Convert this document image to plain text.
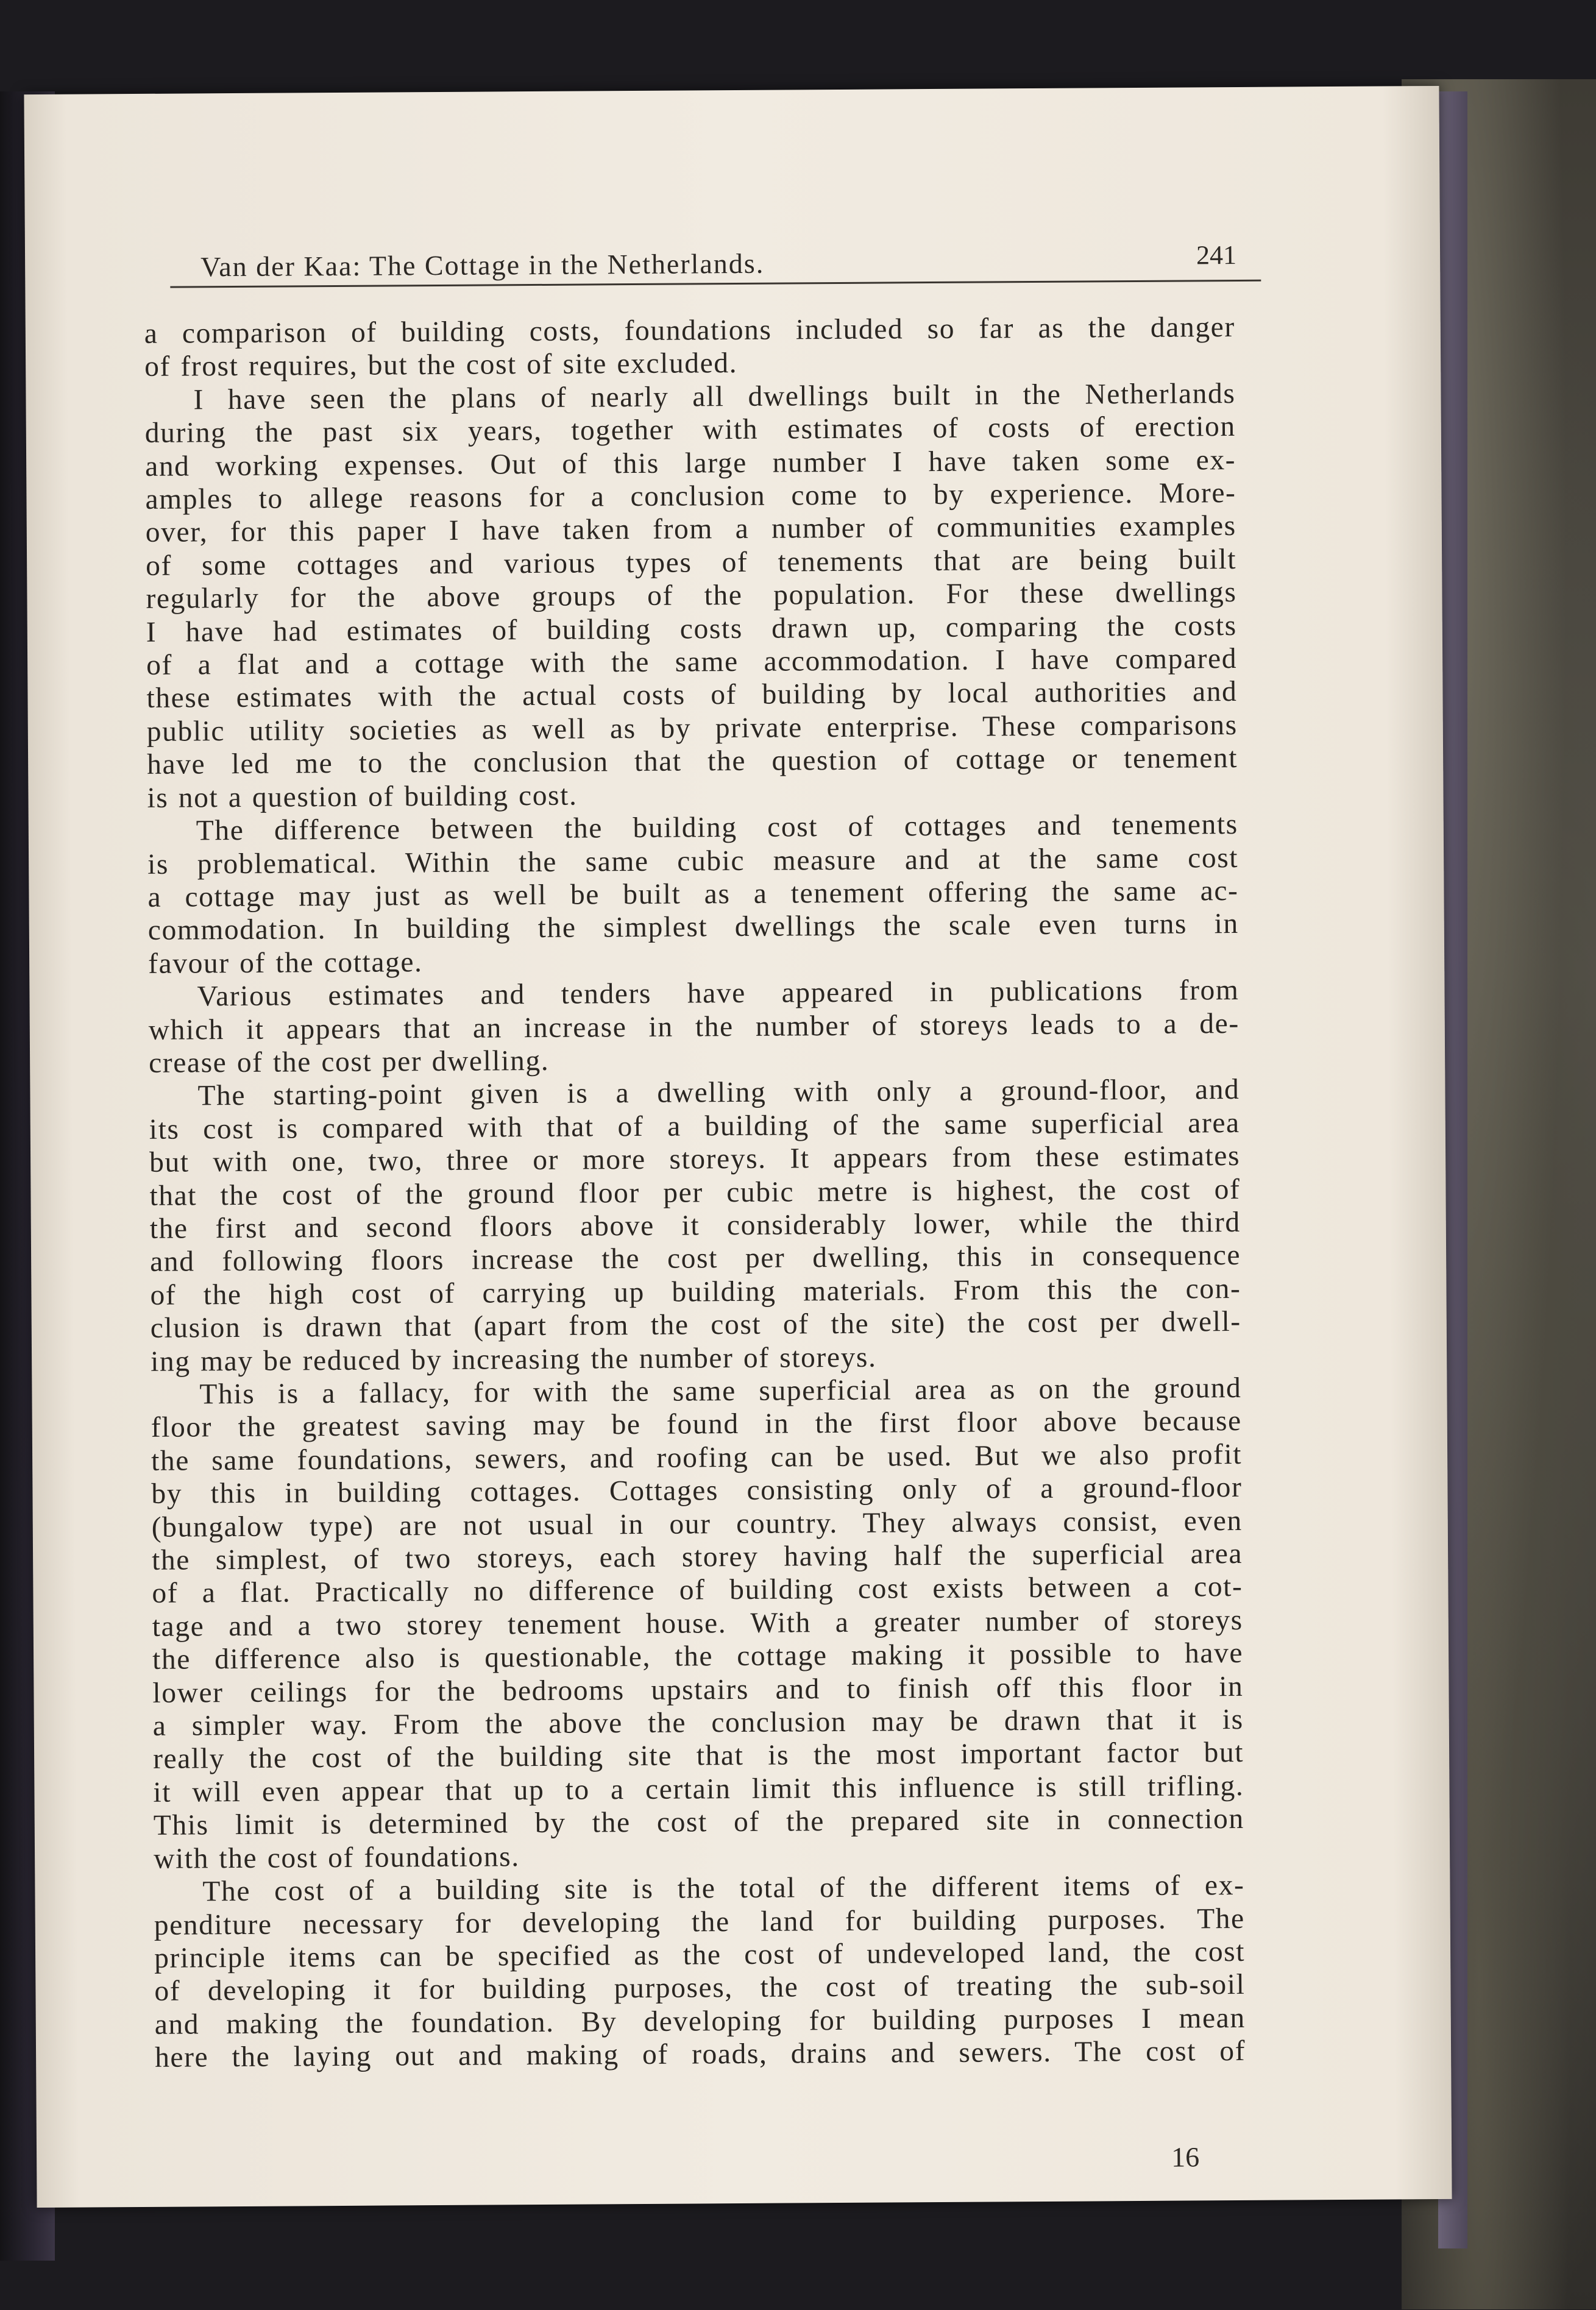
Van der Kaa: The Cottage in the Netherlands.	241
a comparison of building costs, foundations included so far as the danger
of frost requires, but the cost of site excluded.
I have seen the plans of nearly all dwellings built in the Netherlands
during the past six years, together with estimates of costs of erection
and working expenses. Out of this large number I have taken some ex-
amples to allege reasons for a conclusion come to by experience. More-
over, for this paper I have taken from a number of communities examples
of some cottages and various types of tenements that are being built
regularly for the above groups of the population. For these dwellings
I have had estimates of building costs drawn up, comparing the costs
of a flat and a cottage with the same accommodation. I have compared
these estimates with the actual costs of building by local authorities and
public utility societies as well as by private enterprise. These comparisons
have led me to the conclusion that the question of cottage or tenement
is not a question of building cost.
The difference between the building cost of cottages and tenements
is problematical. Within the same cubic measure and at the same cost
a cottage may just as well be built as a tenement offering the same ac-
commodation. In building the simplest dwellings the scale even turns in
favour of the cottage.
Various estimates and tenders have appeared in publications from
which it appears that an increase in the number of storeys leads to a de-
crease of the cost per dwelling.
The starting-point given is a dwelling with only a ground-floor, and
its cost is compared with that of a building of the same superficial area
but with one, two, three or more storeys. It appears from these estimates
that the cost of the ground floor per cubic metre is highest, the cost of
the first and second floors above it considerably lower, while the third
and following floors increase the cost per dwelling, this in consequence
of the high cost of carrying up building materials. From this the con-
clusion is drawn that (apart from the cost of the site) the cost per dwell-
ing may be reduced by increasing the number of storeys.
This is a fallacy, for with the same superficial area as on the ground
floor the greatest saving may be found in the first floor above because
the same foundations, sewers, and roofing can be used. But we also profit
by this in building cottages. Cottages consisting only of a ground-floor
(bungalow type) are not usual in our country. They always consist, even
the simplest, of two storeys, each storey having half the superficial area
of a flat. Practically no difference of building cost exists between a cot-
tage and a two storey tenement house. With a greater number of storeys
the difference also is questionable, the cottage making it possible to have
lower ceilings for the bedrooms upstairs and to finish off this floor in
a simpler way. From the above the conclusion may be drawn that it is
really the cost of the building site that is the most important factor but
it will even appear that up to a certain limit this influence is still trifling.
This limit is determined by the cost of the prepared site in connection
with the cost of foundations.
The cost of a building site is the total of the different items of ex-
penditure necessary for developing the land for building purposes. The
principle items can be specified as the cost of undeveloped land, the cost
of developing it for building purposes, the cost of treating the sub-soil
and making the foundation. By developing for building purposes I mean
here the laying out and making of roads, drains and sewers. The cost of
16
